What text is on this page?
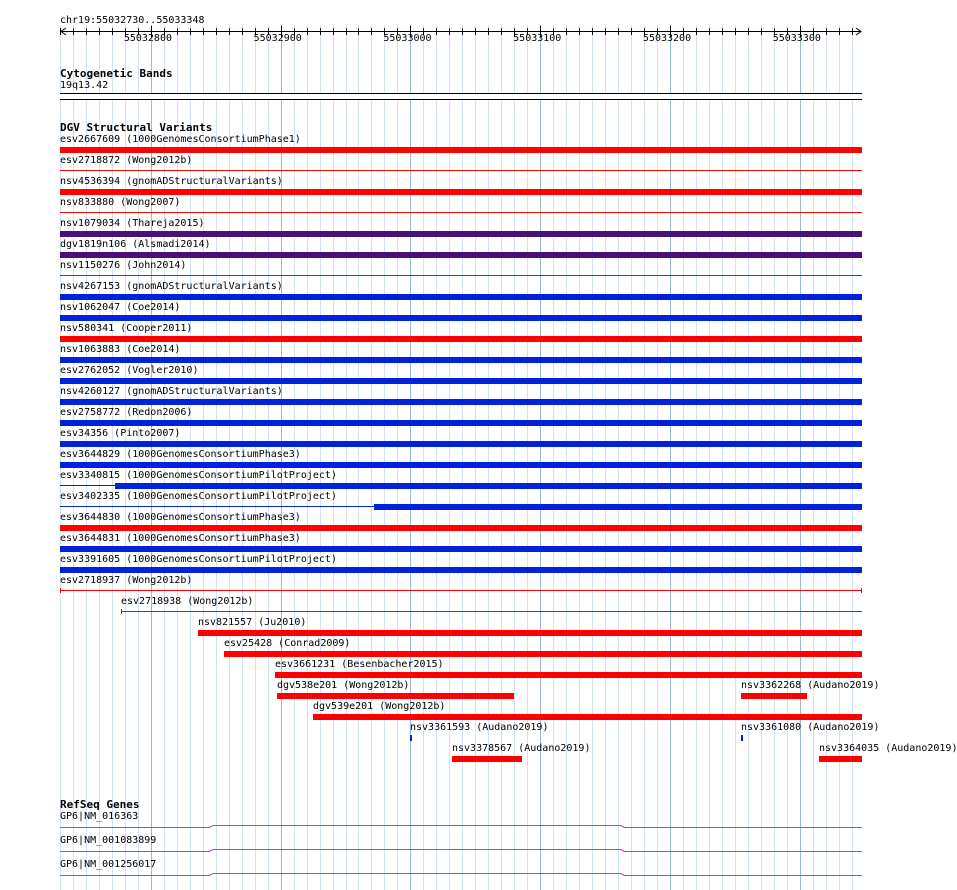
chr19:55032730..55033348
55032800	55032900	55033000	55033100	55033200	55033300
Cytogenetic Bands
19q13.42
DGV Structural Variants
esv2667609 (1000GenomesConsortiumPhase1)
esv2718872 (Wong2012b)
nsv4536394 (gnomADStructuralVariants)
nsv833880 (Wong2007)
nsv1079034 (Thareja2015)
dgv1819n106 (Alsmadi2014)
nsv1150276 (John2014)
nsv4267153 (gnomADStructuralVariants)
nsv1062047 (Coe2014)
nsv580341 (Cooper2011)
nsv1063883 (Coe2014)
esv2762052 (Vogler2010)
nsv4260127 (gnomADStructuralVariants)
esv2758772 (Redon2006)
esv34356 (Pinto2007)
esv3644829 (1000GenomesConsortiumPhase3)
esv3340815 (1000GenomesConsortiumPilotProject)
esv3402335 (1000GenomesConsortiumPilotProject)
esv3644830 (1000GenomesConsortiumPhase3)
esv3644831 (1000GenomesConsortiumPhase3)
esv3391605 (1000GenomesConsortiumPilotProject)
esv2718937 (Wong2012b)
esv2718938 (Wong2012b)
nsv821557 (Ju2010)
esv25428 (Conrad2009)
esv3661231 (Besenbacher2015)
dgv538e201 (Wong2012b)	nsv3362268 (Audano2019)
dgv539e201 (Wong2012b)
nsv3361593 (Audano2019)	nsv3361080 (Audano2019)
nsv3378567 (Audano2019)	nsv3364035 (Audano2019)
RefSeq Genes
GP6|NM_016363
GP6|NM_001083899
GP6|NM_001256017
